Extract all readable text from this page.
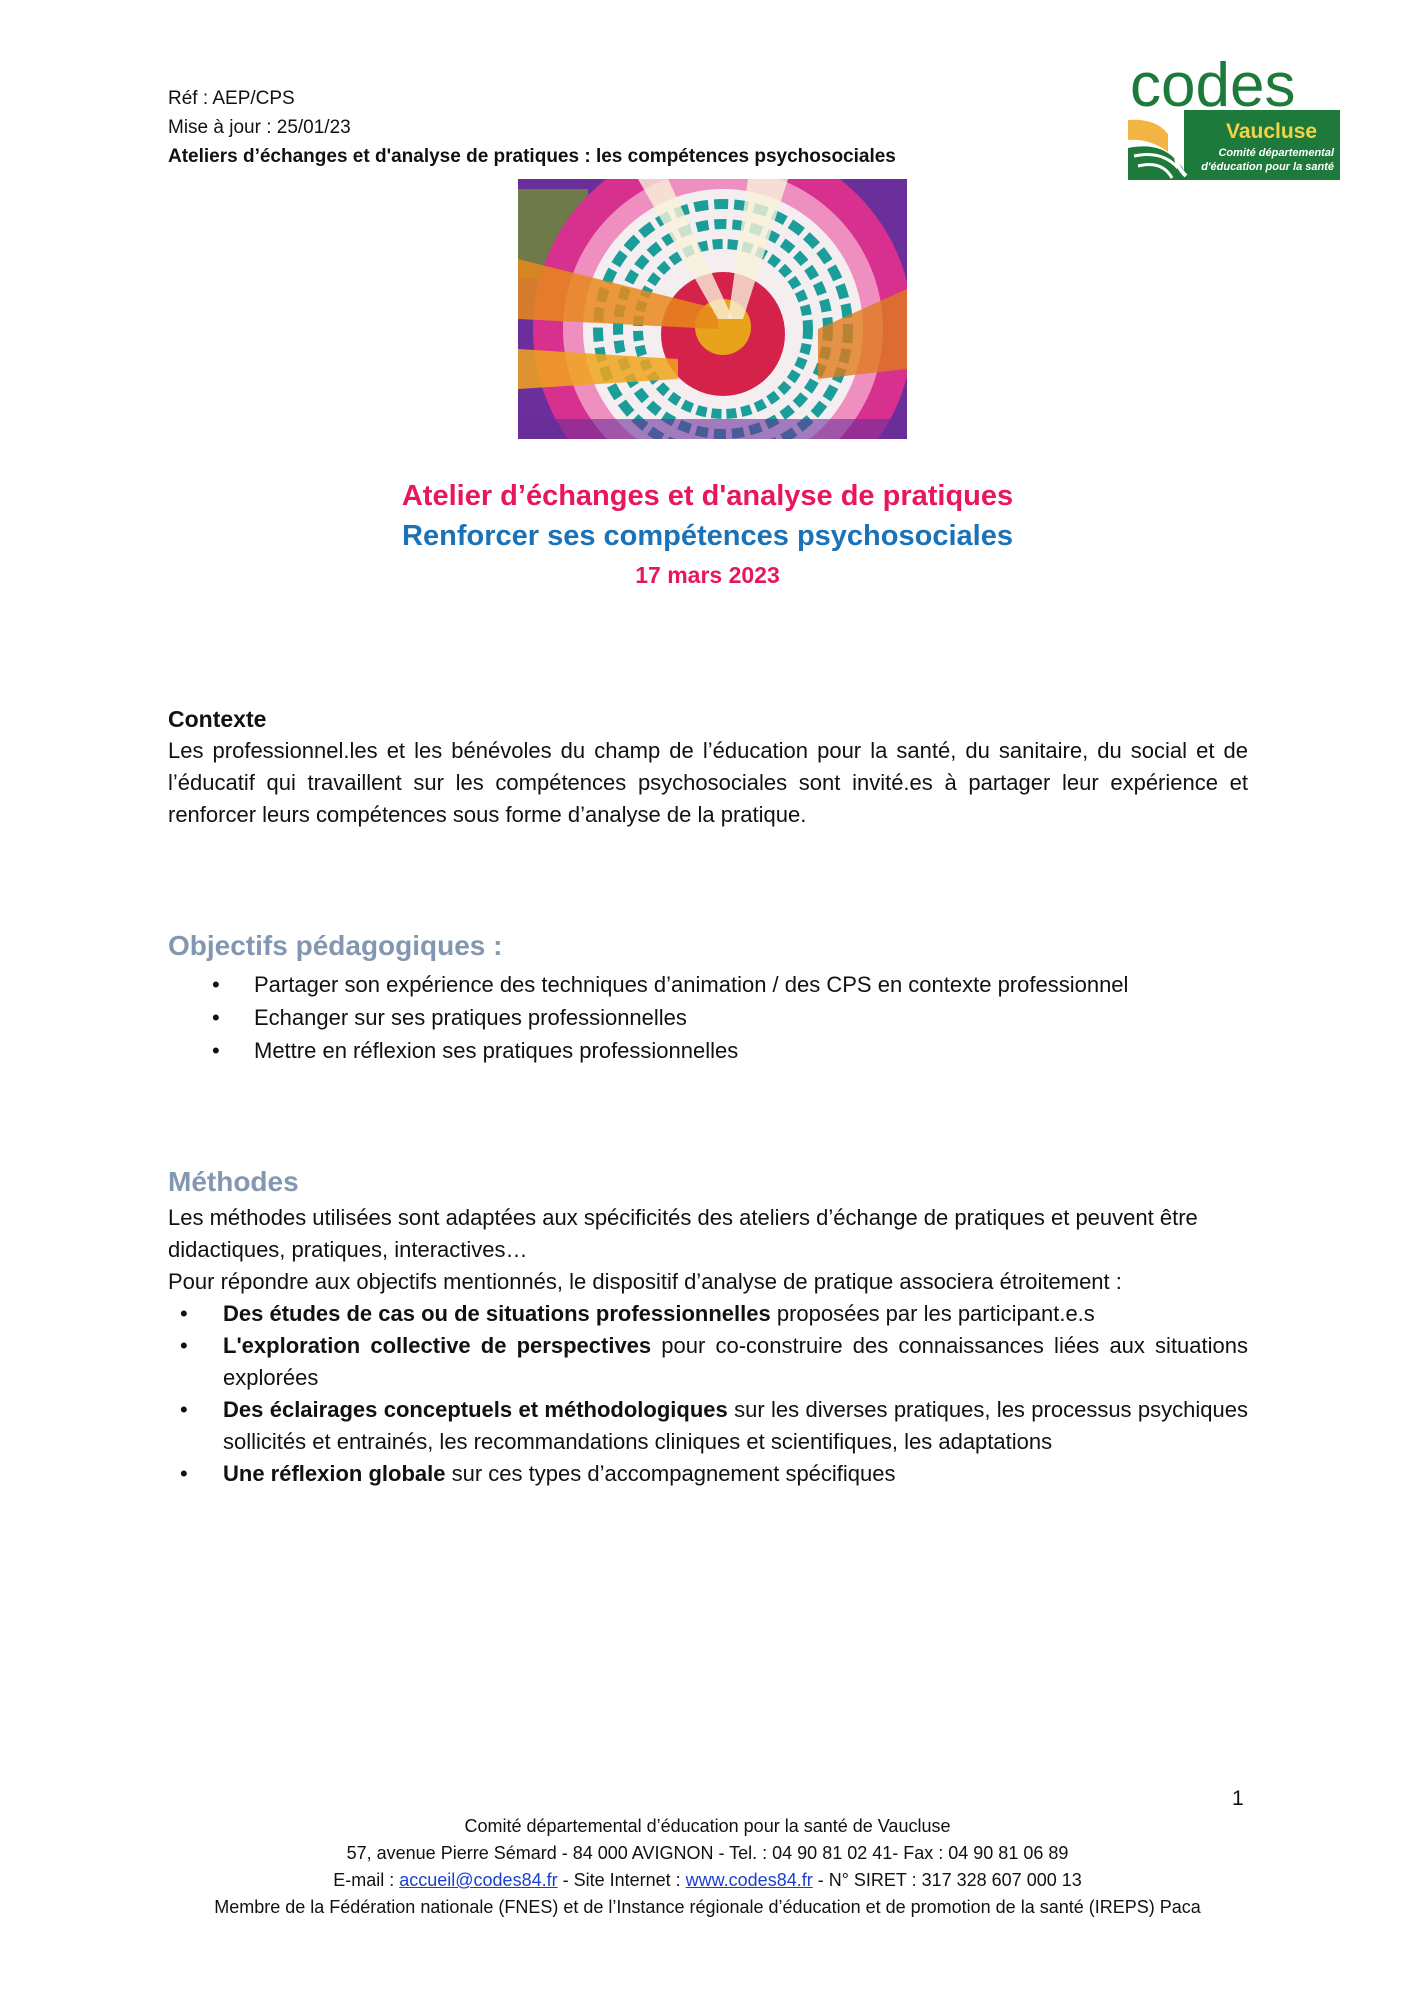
Réf : AEP/CPS
Mise à jour : 25/01/23
Ateliers d’échanges et d'analyse de pratiques : les compétences psychosociales
codes
Vaucluse
Comité départemental
d'éducation pour la santé
Atelier d’échanges et d'analyse de pratiques
Renforcer ses compétences psychosociales
17 mars 2023
Contexte
Les professionnel.les et les bénévoles du champ de l’éducation pour la santé, du sanitaire, du social et de l’éducatif qui travaillent sur les compétences psychosociales sont invité.es à partager leur expérience et renforcer leurs compétences sous forme d’analyse de la pratique.
Objectifs pédagogiques :
• Partager son expérience des techniques d’animation / des CPS en contexte professionnel
• Echanger sur ses pratiques professionnelles
• Mettre en réflexion ses pratiques professionnelles
Méthodes
Les méthodes utilisées sont adaptées aux spécificités des ateliers d’échange de pratiques et peuvent être didactiques, pratiques, interactives…
Pour répondre aux objectifs mentionnés, le dispositif d’analyse de pratique associera étroitement :
• Des études de cas ou de situations professionnelles proposées par les participant.e.s
• L'exploration collective de perspectives pour co-construire des connaissances liées aux situations explorées
• Des éclairages conceptuels et méthodologiques sur les diverses pratiques, les processus psychiques sollicités et entrainés, les recommandations cliniques et scientifiques, les adaptations
• Une réflexion globale sur ces types d’accompagnement spécifiques
1
Comité départemental d’éducation pour la santé de Vaucluse
57, avenue Pierre Sémard - 84 000 AVIGNON - Tel. : 04 90 81 02 41- Fax : 04 90 81 06 89
E-mail : accueil@codes84.fr - Site Internet : www.codes84.fr - N° SIRET : 317 328 607 000 13
Membre de la Fédération nationale (FNES) et de l’Instance régionale d’éducation et de promotion de la santé (IREPS) Paca
